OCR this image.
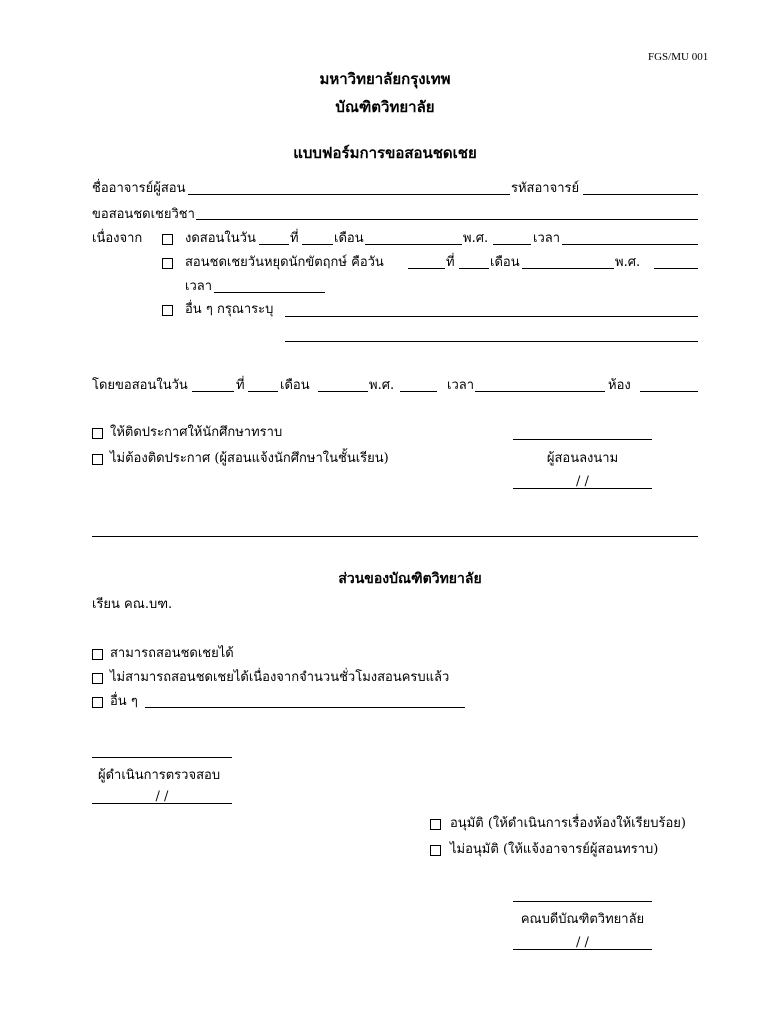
FGS/MU 001
มหาวิทยาลัยกรุงเทพ
บัณฑิตวิทยาลัย
แบบฟอร์มการขอสอนชดเชย
ชื่ออาจารย์ผู้สอน	รหัสอาจารย์
ขอสอนชดเชยวิชา
เนื่องจาก	งดสอนในวัน	ที่	เดือน	พ.ศ.	เวลา
สอนชดเชยวันหยุดนักขัตฤกษ์ คือวัน	ที่	เดือน	พ.ศ.
เวลา
อื่น ๆ กรุณาระบุ
โดยขอสอนในวัน	ที่	เดือน	พ.ศ.	เวลา	ห้อง
ให้ติดประกาศให้นักศึกษาทราบ
ไม่ต้องติดประกาศ (ผู้สอนแจ้งนักศึกษาในชั้นเรียน)	ผู้สอนลงนาม
/ /
ส่วนของบัณฑิตวิทยาลัย
เรียน คณ.บฑ.
สามารถสอนชดเชยได้
ไม่สามารถสอนชดเชยได้เนื่องจากจำนวนชั่วโมงสอนครบแล้ว
อื่น ๆ
ผู้ดำเนินการตรวจสอบ
/ /
อนุมัติ (ให้ดำเนินการเรื่องห้องให้เรียบร้อย)
ไม่อนุมัติ (ให้แจ้งอาจารย์ผู้สอนทราบ)
คณบดีบัณฑิตวิทยาลัย
/ /
